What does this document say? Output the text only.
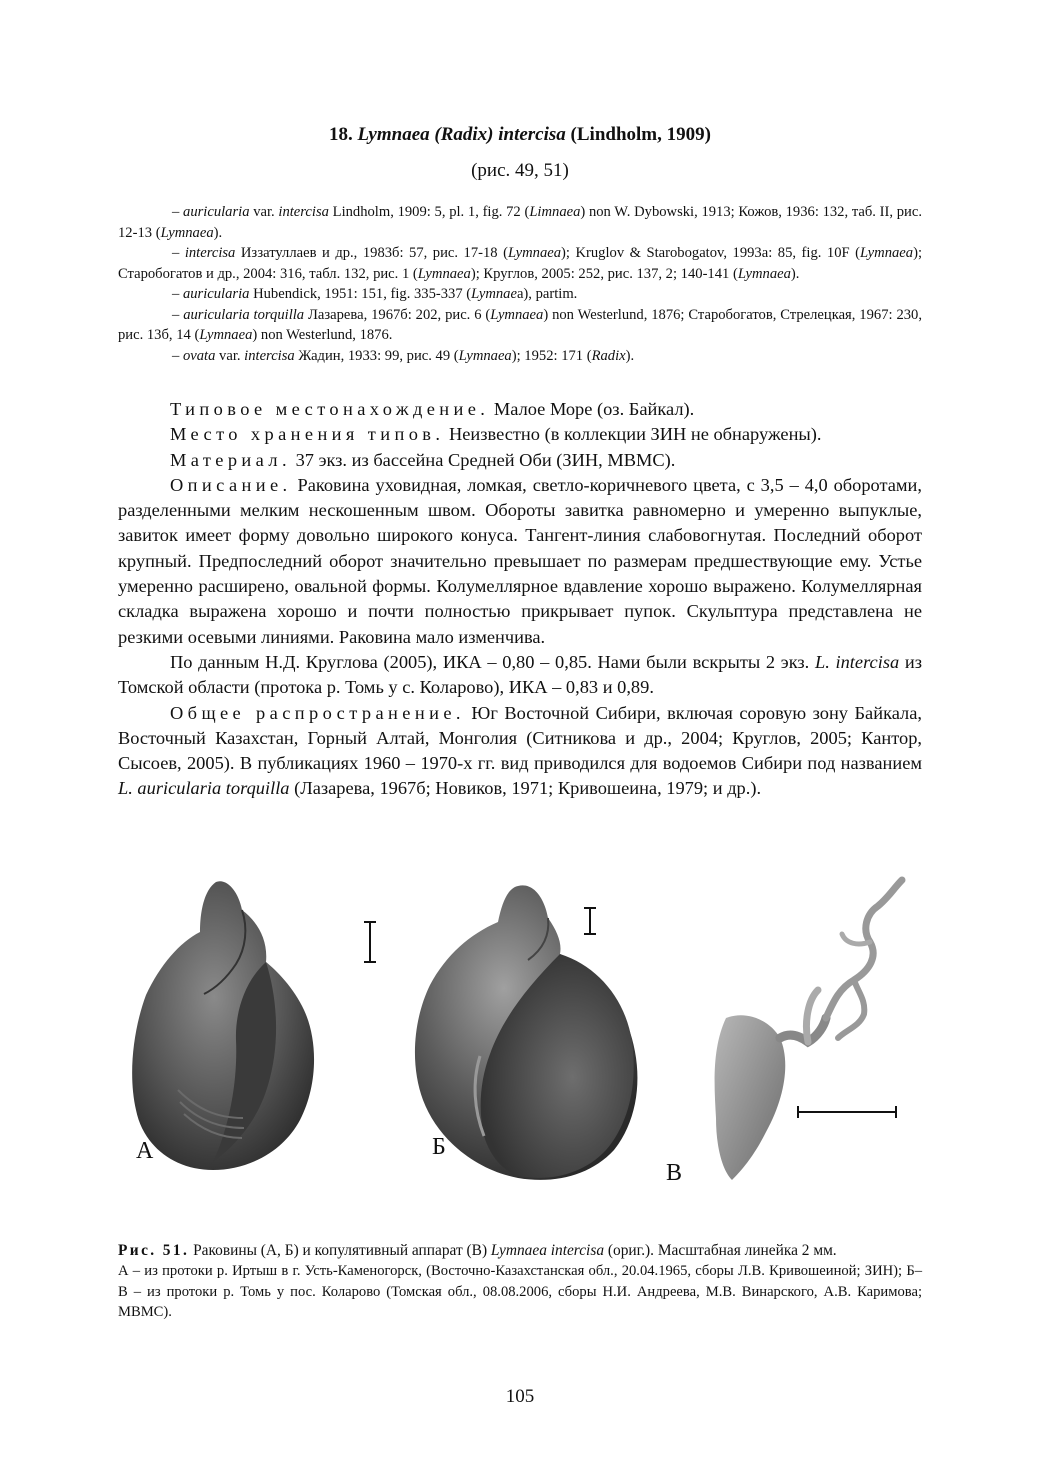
18. Lymnaea (Radix) intercisa (Lindholm, 1909)
(рис. 49, 51)

– auricularia var. intercisa Lindholm, 1909: 5, pl. 1, fig. 72 (Limnaea) non W. Dybowski, 1913; Кожов, 1936: 132, таб. II, рис. 12-13 (Lymnaea).

– intercisa Иззатуллаев и др., 1983б: 57, рис. 17-18 (Lymnaea); Kruglov & Starobogatov, 1993a: 85, fig. 10F (Lymnaea); Старобогатов и др., 2004: 316, табл. 132, рис. 1 (Lymnaea); Круглов, 2005: 252, рис. 137, 2; 140-141 (Lymnaea).

– auricularia Hubendick, 1951: 151, fig. 335-337 (Lymnaea), partim.

– auricularia torquilla Лазарева, 1967б: 202, рис. 6 (Lymnaea) non Westerlund, 1876; Старобогатов, Стрелецкая, 1967: 230, рис. 13б, 14 (Lymnaea) non Westerlund, 1876.

– ovata var. intercisa Жадин, 1933: 99, рис. 49 (Lymnaea); 1952: 171 (Radix).

Типовое местонахождение. Малое Море (оз. Байкал).

Место хранения типов. Неизвестно (в коллекции ЗИН не обнаружены).

Материал. 37 экз. из бассейна Средней Оби (ЗИН, МВМС).

Описание. Раковина уховидная, ломкая, светло-коричневого цвета, с 3,5 – 4,0 оборотами, разделенными мелким нескошенным швом. Обороты завитка равномерно и умеренно выпуклые, завиток имеет форму довольно широкого конуса. Тангент-линия слабовогнутая. Последний оборот крупный. Предпоследний оборот значительно превышает по размерам предшествующие ему. Устье умеренно расширено, овальной формы. Колумеллярное вдавление хорошо выражено. Колумеллярная складка выражена хорошо и почти полностью прикрывает пупок. Скульптура представлена не резкими осевыми линиями. Раковина мало изменчива.

По данным Н.Д. Круглова (2005), ИКА – 0,80 – 0,85. Нами были вскрыты 2 экз. L. intercisa из Томской области (протока р. Томь у с. Коларово), ИКА – 0,83 и 0,89.

Общее распространение. Юг Восточной Сибири, включая соровую зону Байкала, Восточный Казахстан, Горный Алтай, Монголия (Ситникова и др., 2004; Круглов, 2005; Кантор, Сысоев, 2005). В публикациях 1960 – 1970-х гг. вид приводился для водоемов Сибири под названием L. auricularia torquilla (Лазарева, 1967б; Новиков, 1971; Кривошеина, 1979; и др.).

А	Б
В

Рис. 51. Раковины (А, Б) и копулятивный аппарат (В) Lymnaea intercisa (ориг.). Масштабная линейка 2 мм.

А – из протоки р. Иртыш в г. Усть-Каменогорск, (Восточно-Казахстанская обл., 20.04.1965, сборы Л.В. Кривошеиной; ЗИН); Б–В – из протоки р. Томь у пос. Коларово (Томская обл., 08.08.2006, сборы Н.И. Андреева, М.В. Винарского, А.В. Каримова; МВМС).

105
